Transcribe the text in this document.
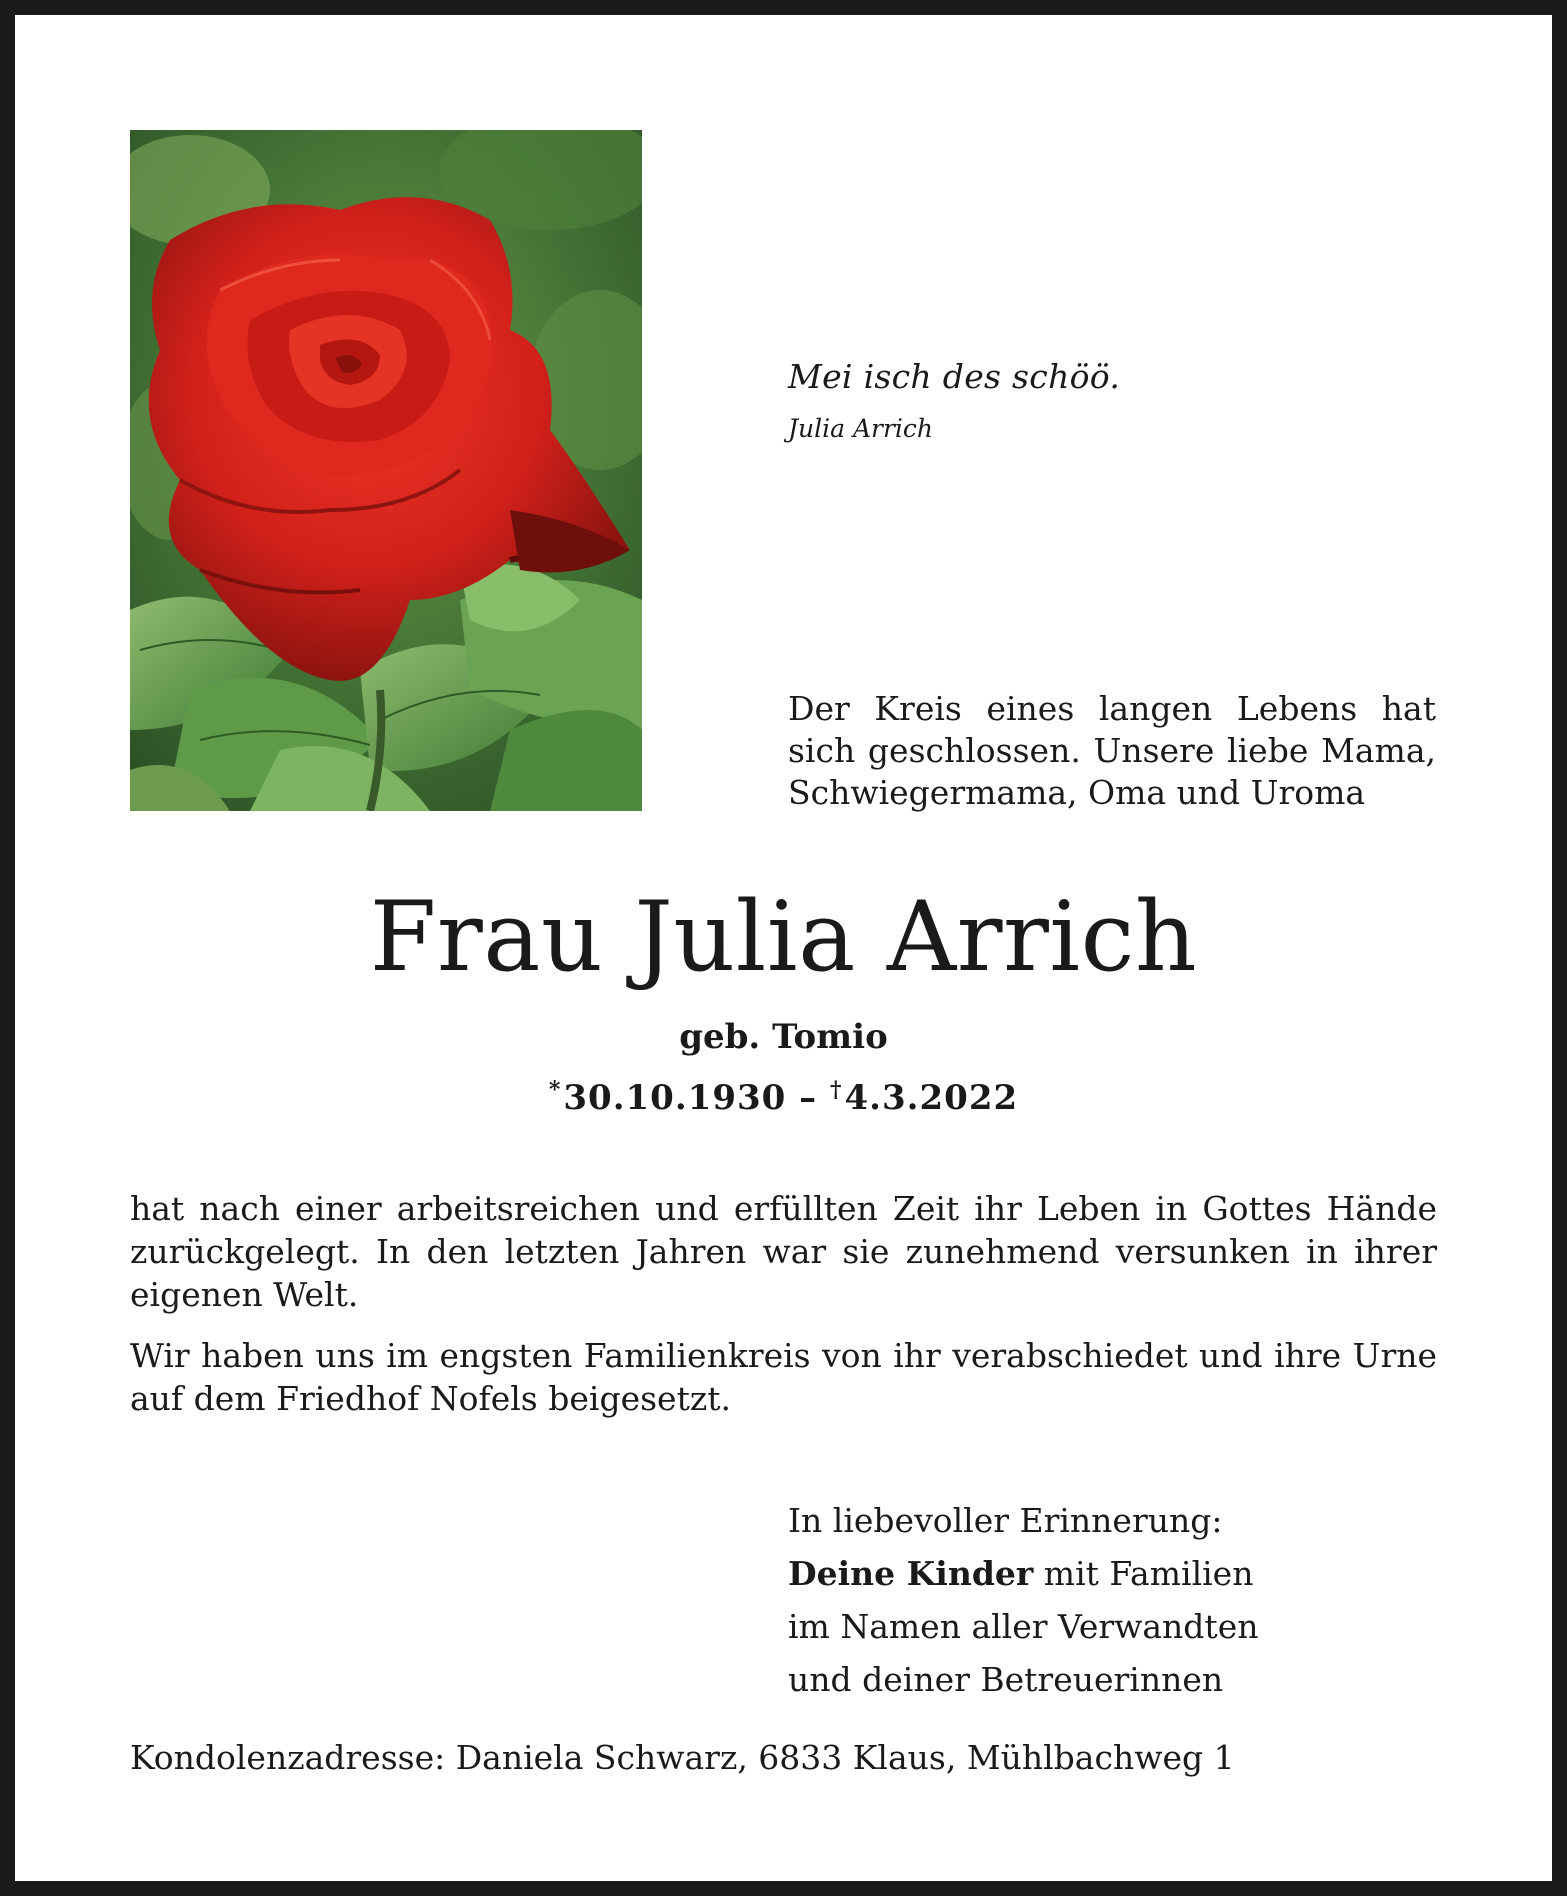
Mei isch des schöö.
Julia Arrich
Der Kreis eines langen Lebens hat
sich geschlossen. Unsere liebe Mama,
Schwiegermama, Oma und Uroma
Frau Julia Arrich
geb. Tomio
*30.10.1930 – †4.3.2022

hat nach einer arbeitsreichen und erfüllten Zeit ihr Leben in Gottes Hände zurückgelegt. In den letzten Jahren war sie zunehmend versunken in ihrer eigenen Welt.

Wir haben uns im engsten Familienkreis von ihr verabschiedet und ihre Urne auf dem Friedhof Nofels beigesetzt.

In liebevoller Erinnerung:
Deine Kinder mit Familien
im Namen aller Verwandten
und deiner Betreuerinnen
Kondolenzadresse: Daniela Schwarz, 6833 Klaus, Mühlbachweg 1
